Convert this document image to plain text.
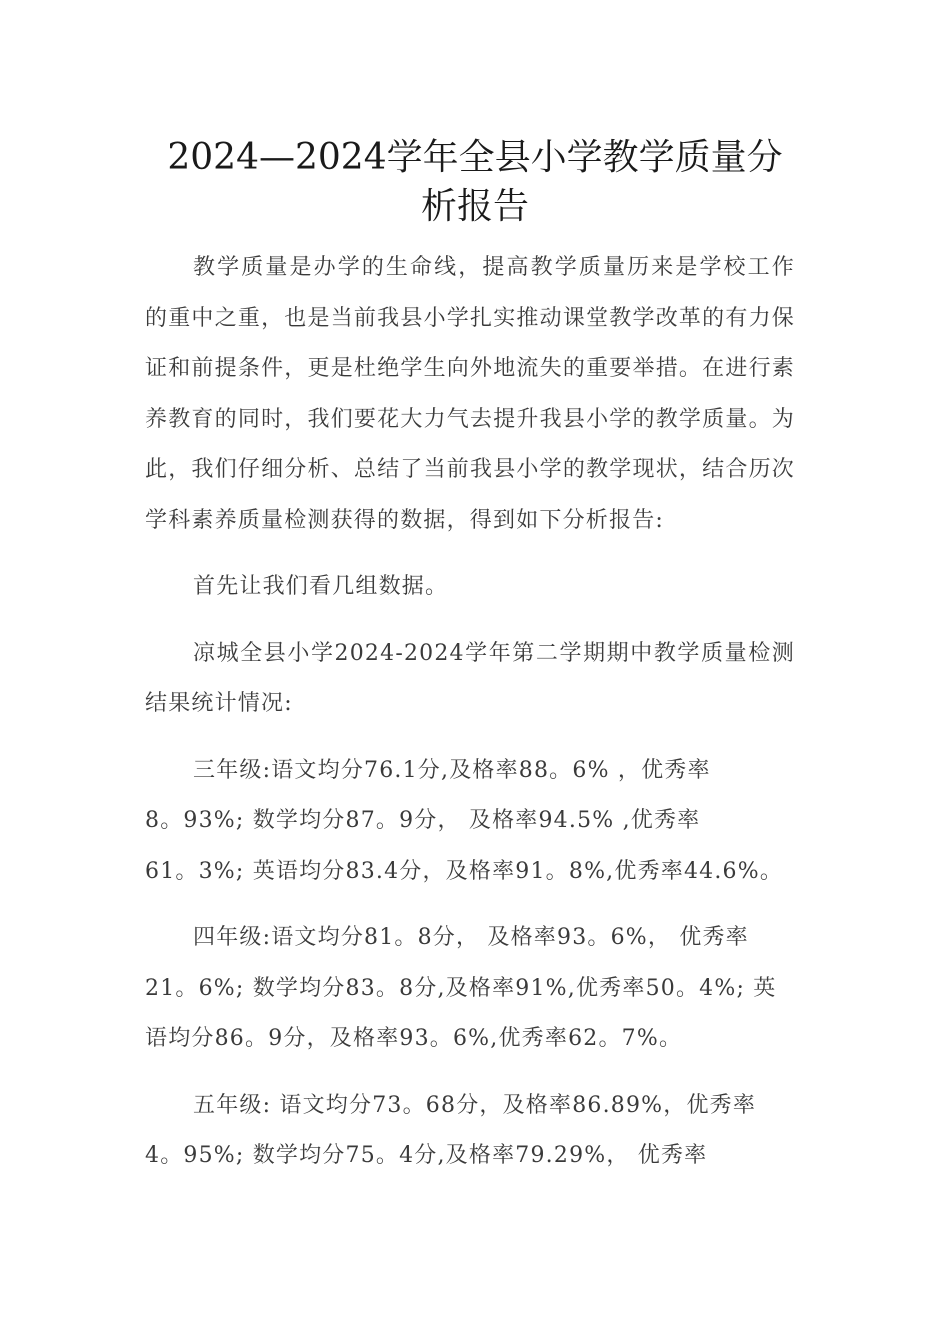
2024—2024学年全县小学教学质量分析报告

教学质量是办学的生命线，提高教学质量历来是学校工作的重中之重，也是当前我县小学扎实推动课堂教学改革的有力保证和前提条件，更是杜绝学生向外地流失的重要举措。在进行素养教育的同时，我们要花大力气去提升我县小学的教学质量。为此，我们仔细分析、总结了当前我县小学的教学现状，结合历次学科素养质量检测获得的数据，得到如下分析报告:

首先让我们看几组数据。

凉城全县小学2024-2024学年第二学期期中教学质量检测结果统计情况:

三年级:语文均分76.1分,及格率88。6% ，优秀率
8。93%; 数学均分87。9分， 及格率94.5% ,优秀率
61。3%; 英语均分83.4分，及格率91。8%,优秀率44.6%。
四年级:语文均分81。8分， 及格率93。6%， 优秀率
21。6%; 数学均分83。8分,及格率91%,优秀率50。4%; 英
语均分86。9分，及格率93。6%,优秀率62。7%。
五年级: 语文均分73。68分，及格率86.89%，优秀率
4。95%; 数学均分75。4分,及格率79.29%， 优秀率
